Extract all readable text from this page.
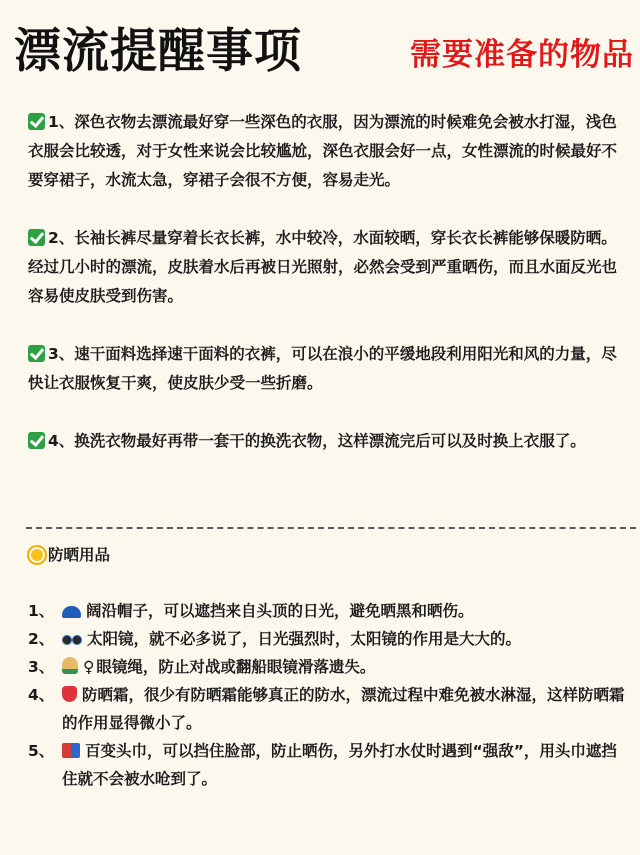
漂流提醒事项	需要准备的物品
1、深色衣物去漂流最好穿一些深色的衣服，因为漂流的时候难免会被水打湿，浅色衣服会比较透，对于女性来说会比较尴尬，深色衣服会好一点，女性漂流的时候最好不要穿裙子，水流太急，穿裙子会很不方便，容易走光。
2、长袖长裤尽量穿着长衣长裤，水中较冷，水面较晒，穿长衣长裤能够保暖防晒。经过几小时的漂流，皮肤着水后再被日光照射，必然会受到严重晒伤，而且水面反光也容易使皮肤受到伤害。
3、速干面料选择速干面料的衣裤，可以在浪小的平缓地段利用阳光和风的力量，尽快让衣服恢复干爽，使皮肤少受一些折磨。
4、换洗衣物最好再带一套干的换洗衣物，这样漂流完后可以及时换上衣服了。
防晒用品
1、	阔沿帽子，可以遮挡来自头顶的日光，避免晒黑和晒伤。
2、	太阳镜，就不必多说了，日光强烈时，太阳镜的作用是大大的。
3、	♀ 眼镜绳，防止对战或翻船眼镜滑落遗失。
4、	防晒霜，很少有防晒霜能够真正的防水，漂流过程中难免被水淋湿，这样防晒霜的作用显得微小了。
5、	百变头巾，可以挡住脸部，防止晒伤，另外打水仗时遇到“强敌”，用头巾遮挡住就不会被水呛到了。
